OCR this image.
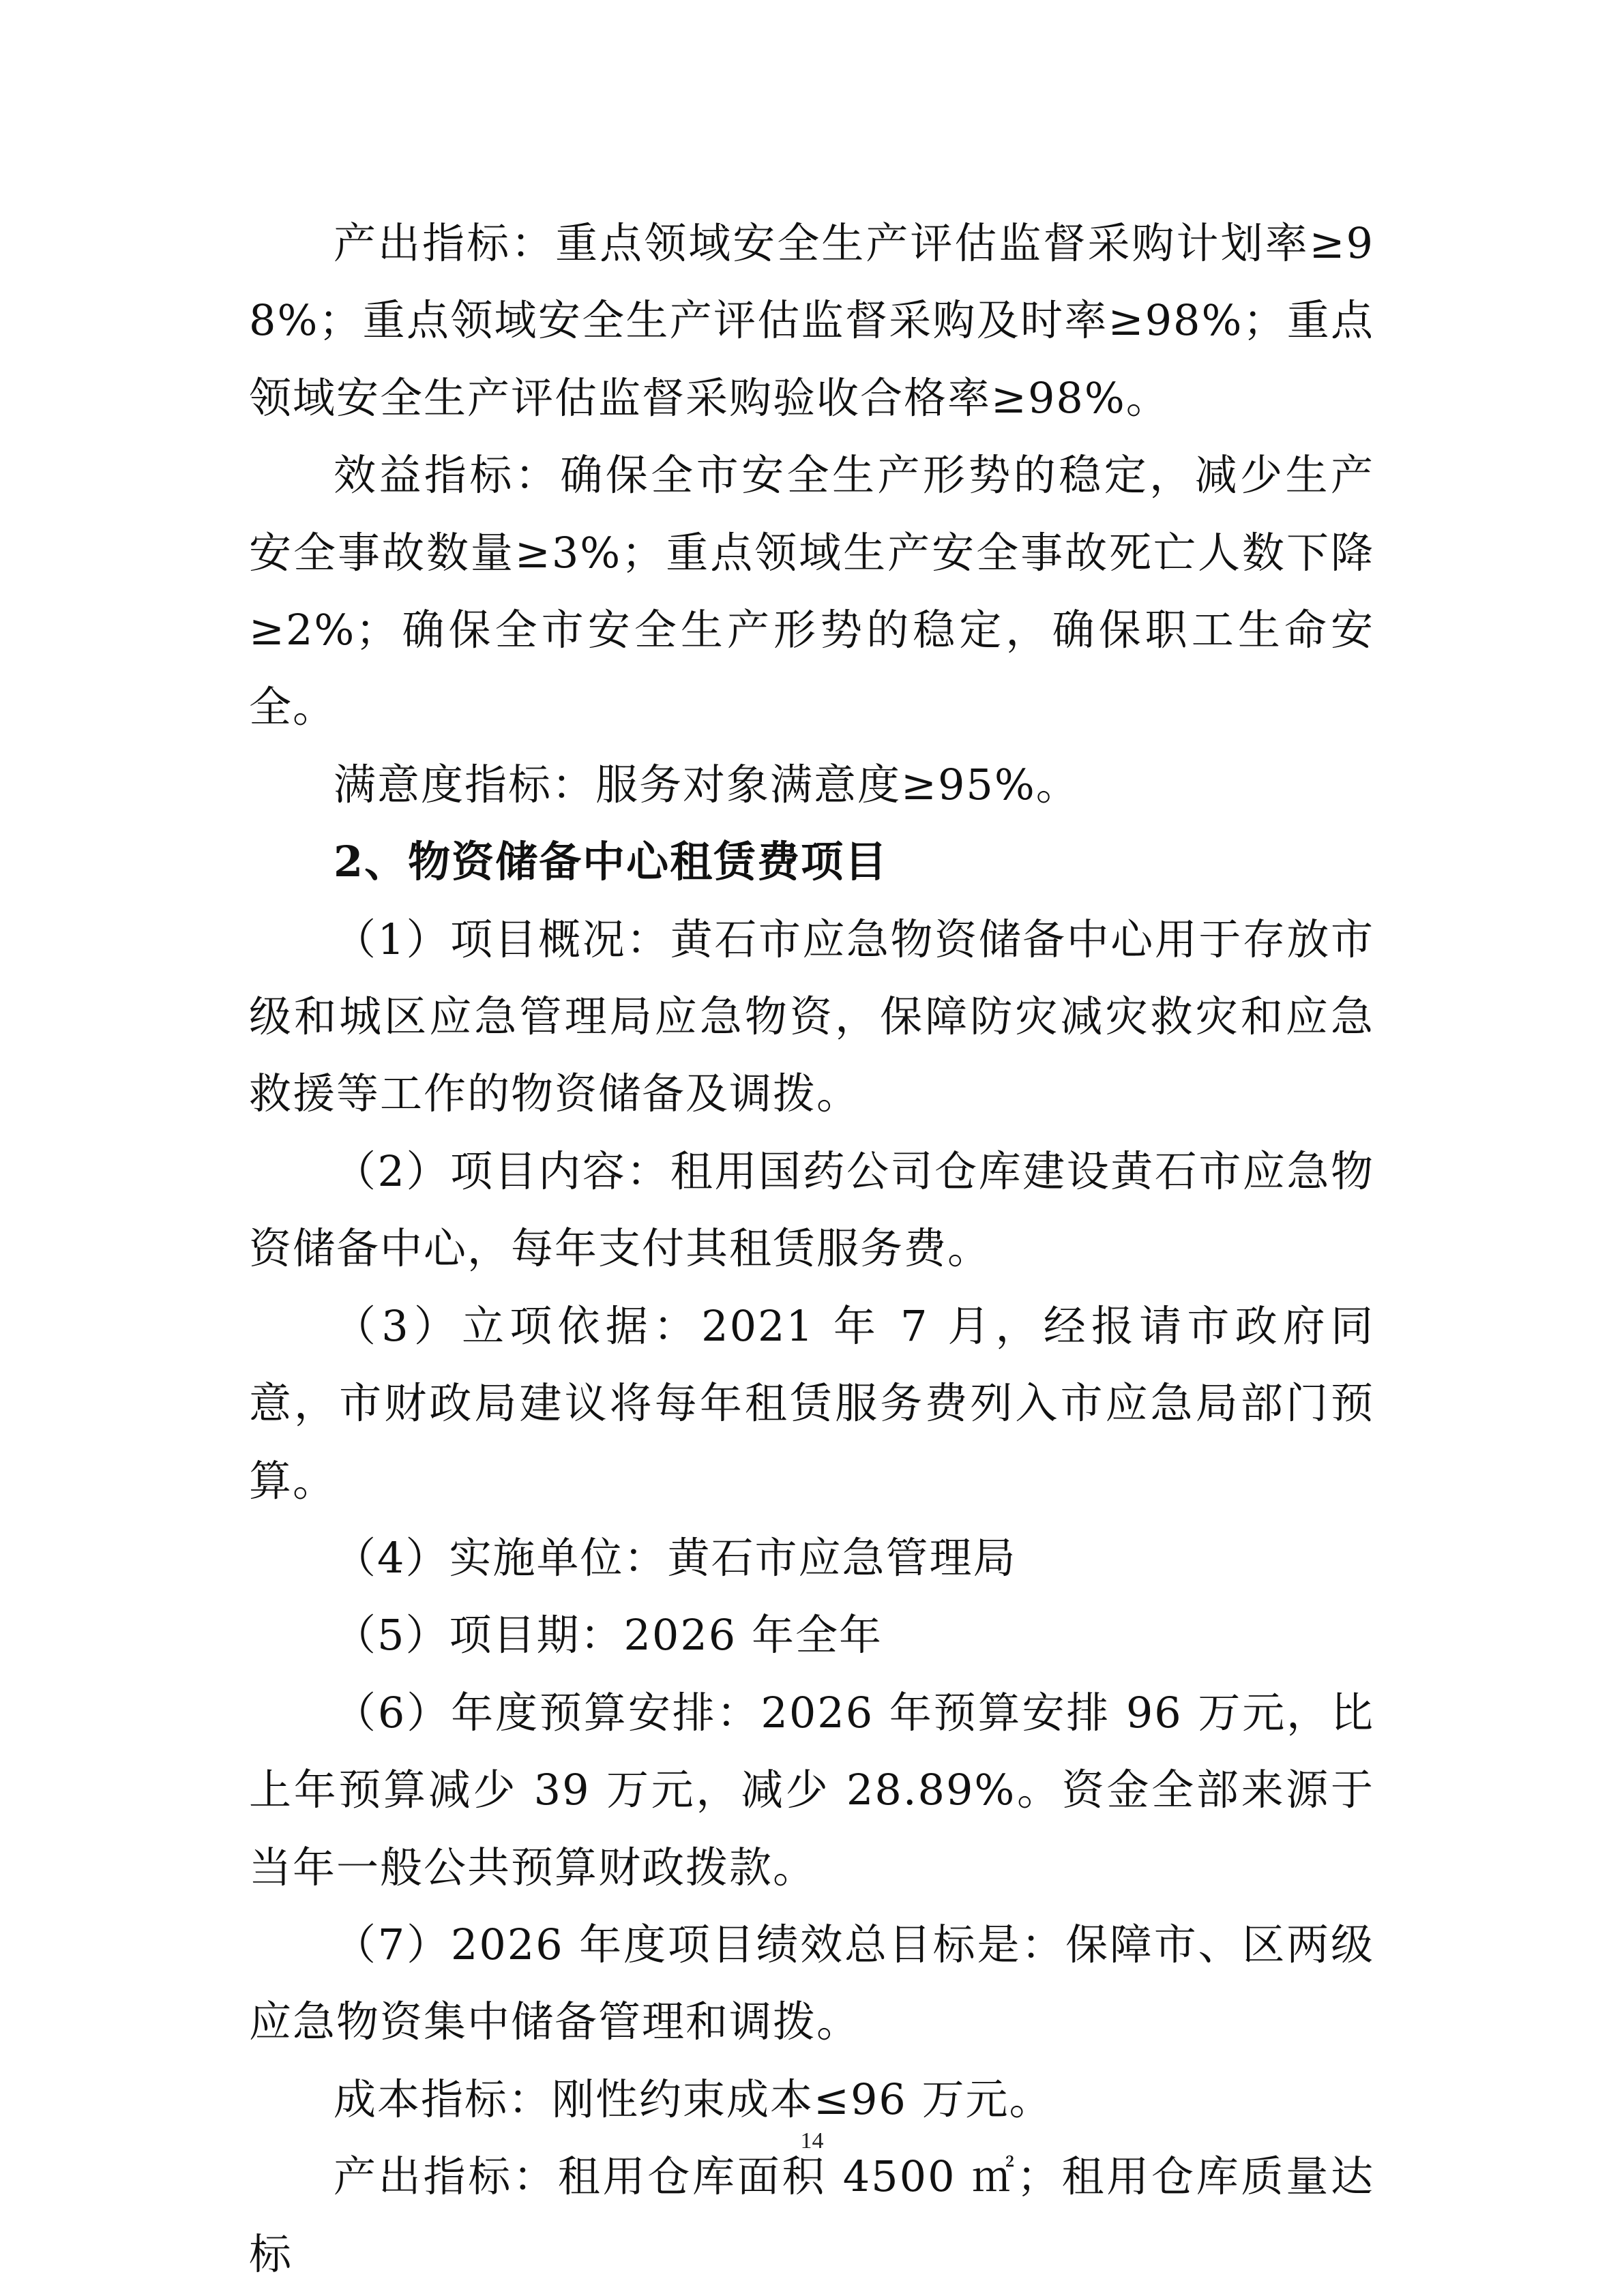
产出指标：重点领域安全生产评估监督采购计划率≥98%；重点领域安全生产评估监督采购及时率≥98%；重点领域安全生产评估监督采购验收合格率≥98%。

效益指标：确保全市安全生产形势的稳定，减少生产安全事故数量≥3%；重点领域生产安全事故死亡人数下降≥2%；确保全市安全生产形势的稳定，确保职工生命安全。

满意度指标：服务对象满意度≥95%。

2、物资储备中心租赁费项目

（1）项目概况：黄石市应急物资储备中心用于存放市级和城区应急管理局应急物资，保障防灾减灾救灾和应急救援等工作的物资储备及调拨。

（2）项目内容：租用国药公司仓库建设黄石市应急物资储备中心，每年支付其租赁服务费。

（3）立项依据：2021 年 7 月，经报请市政府同意，市财政局建议将每年租赁服务费列入市应急局部门预算。

（4）实施单位：黄石市应急管理局

（5）项目期：2026 年全年

（6）年度预算安排：2026 年预算安排 96 万元，比上年预算减少 39 万元，减少 28.89%。资金全部来源于当年一般公共预算财政拨款。

（7）2026 年度项目绩效总目标是：保障市、区两级应急物资集中储备管理和调拨。

成本指标：刚性约束成本≤96 万元。

产出指标：租用仓库面积 4500 ㎡；租用仓库质量达标

14
